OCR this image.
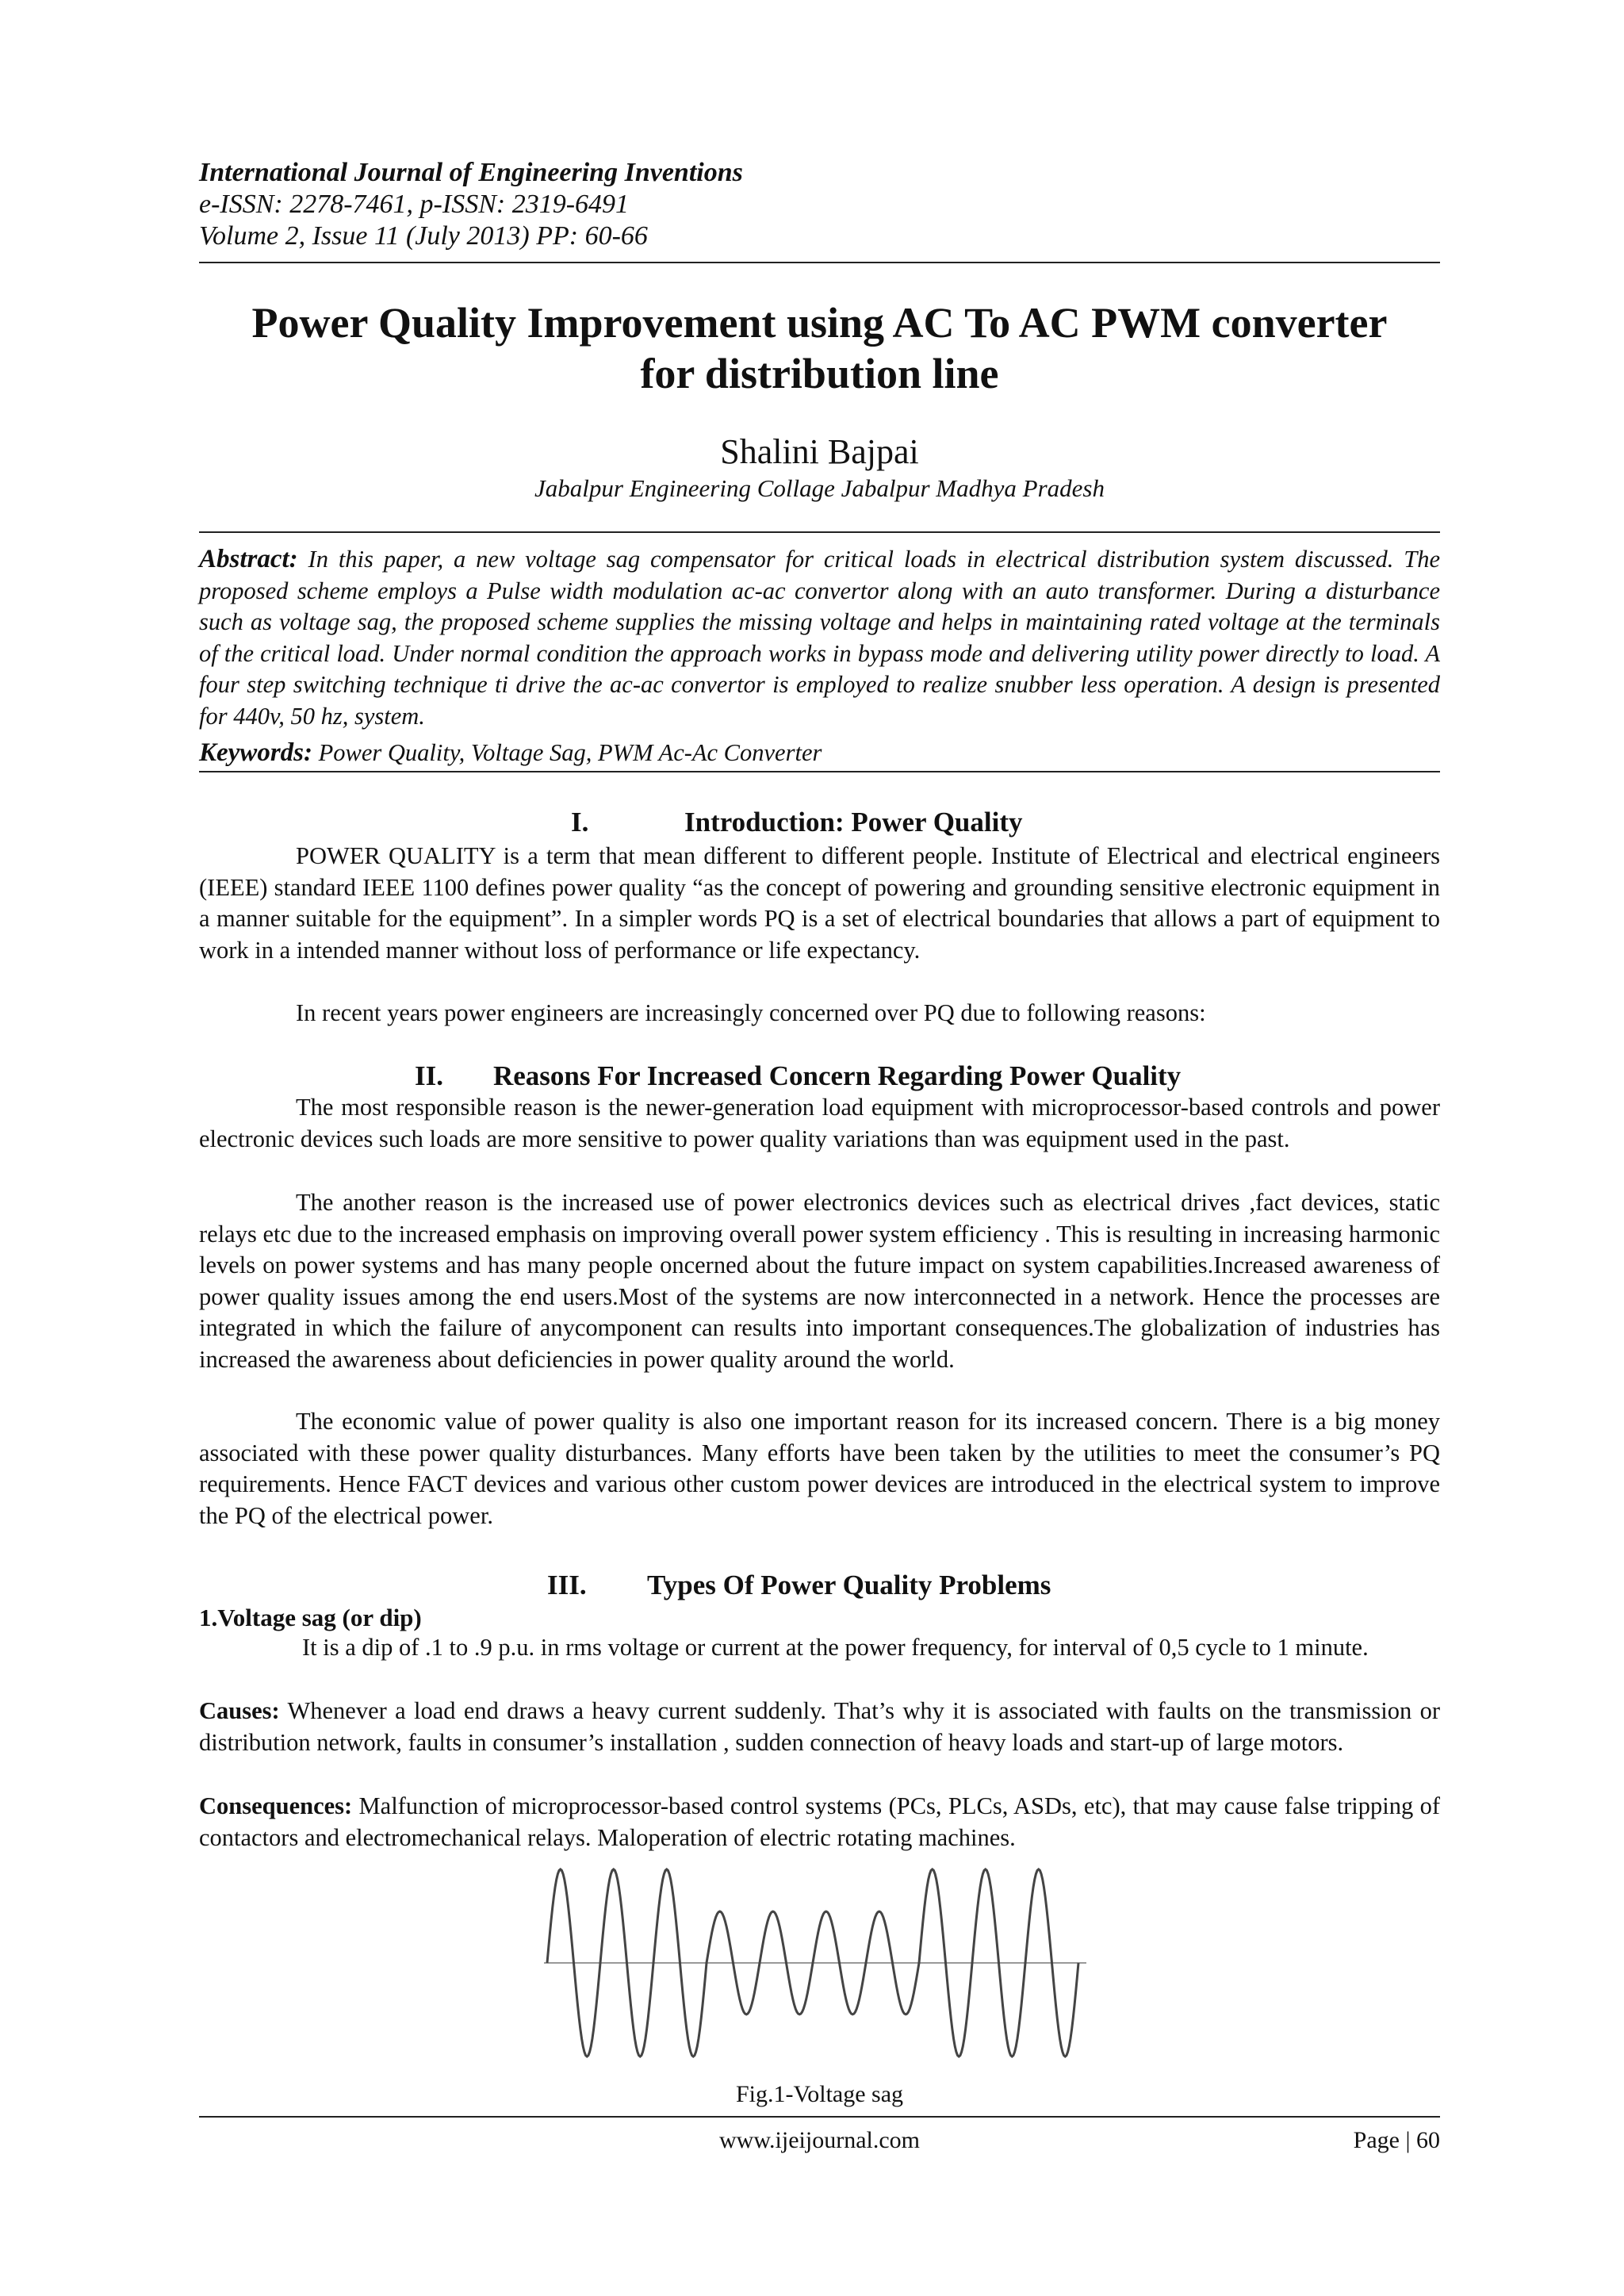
International Journal of Engineering Inventions
e-ISSN: 2278-7461, p-ISSN: 2319-6491
Volume 2, Issue 11 (July 2013) PP: 60-66
Power Quality Improvement using AC To AC PWM converter
for distribution line
Shalini Bajpai
Jabalpur Engineering Collage Jabalpur Madhya Pradesh
Abstract: In this paper, a new voltage sag compensator for critical loads in electrical distribution system discussed. The proposed scheme employs a Pulse width modulation ac-ac convertor along with an auto transformer. During a disturbance such as voltage sag, the proposed scheme supplies the missing voltage and helps in maintaining rated voltage at the terminals of the critical load. Under normal condition the approach works in bypass mode and delivering utility power directly to load. A four step switching technique ti drive the ac-ac convertor is employed to realize snubber less operation. A design is presented for 440v, 50 hz, system.
Keywords: Power Quality, Voltage Sag, PWM Ac-Ac Converter
I.	Introduction: Power Quality
POWER QUALITY is a term that mean different to different people. Institute of Electrical and electrical engineers (IEEE) standard IEEE 1100 defines power quality “as the concept of powering and grounding sensitive electronic equipment in a manner suitable for the equipment”. In a simpler words PQ is a set of electrical boundaries that allows a part of equipment to work in a intended manner without loss of performance or life expectancy.
In recent years power engineers are increasingly concerned over PQ due to following reasons:
II. Reasons For Increased Concern Regarding Power Quality
The most responsible reason is the newer-generation load equipment with microprocessor-based controls and power electronic devices such loads are more sensitive to power quality variations than was equipment used in the past.
The another reason is the increased use of power electronics devices such as electrical drives ,fact devices, static relays etc due to the increased emphasis on improving overall power system efficiency . This is resulting in increasing harmonic levels on power systems and has many people oncerned about the future impact on system capabilities.Increased awareness of power quality issues among the end users.Most of the systems are now interconnected in a network. Hence the processes are integrated in which the failure of anycomponent can results into important consequences.The globalization of industries has increased the awareness about deficiencies in power quality around the world.
The economic value of power quality is also one important reason for its increased concern. There is a big money associated with these power quality disturbances. Many efforts have been taken by the utilities to meet the consumer’s PQ requirements. Hence FACT devices and various other custom power devices are introduced in the electrical system to improve the PQ of the electrical power.
III. Types Of Power Quality Problems
1.Voltage sag (or dip)
It is a dip of .1 to .9 p.u. in rms voltage or current at the power frequency, for interval of 0,5 cycle to 1 minute.
Causes: Whenever a load end draws a heavy current suddenly. That’s why it is associated with faults on the transmission or distribution network, faults in consumer’s installation , sudden connection of heavy loads and start-up of large motors.
Consequences: Malfunction of microprocessor-based control systems (PCs, PLCs, ASDs, etc), that may cause false tripping of contactors and electromechanical relays. Maloperation of electric rotating machines.
Fig.1-Voltage sag
www.ijeijournal.com	Page | 60
